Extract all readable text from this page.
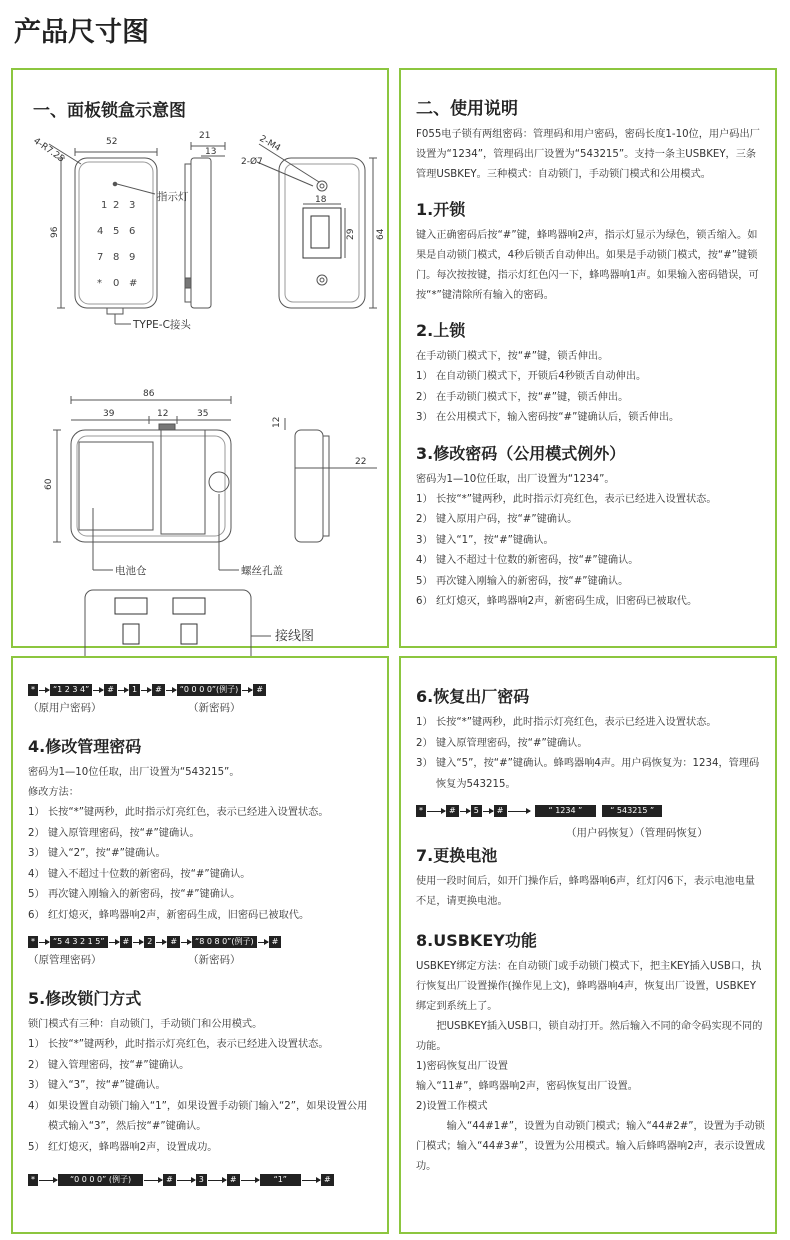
产品尺寸图
一、面板锁盒示意图
52
21
13
4-R7.25
96
2-M4
2-Ø7
18
29 64
86
39	12	35
12
22
60
1 2 3
4 5 6
7 8 9
* 0 #
指示灯
TYPE-C接头
电池仓	螺丝孔盖
接线图
二、使用说明

F055电子锁有两组密码：管理码和用户密码，密码长度1-10位，用户码出厂设置为“1234”，管理码出厂设置为“543215”。支持一条主USBKEY，三条管理USBKEY。三种模式：自动锁门，手动锁门模式和公用模式。

1.开锁

键入正确密码后按“#”键，蜂鸣器响2声，指示灯显示为绿色，锁舌缩入。如果是自动锁门模式，4秒后锁舌自动伸出。如果是手动锁门模式，按“#”键锁门。每次按按键，指示灯红色闪一下，蜂鸣器响1声。如果输入密码错误，可按“*”键清除所有输入的密码。

2.上锁

在手动锁门模式下，按“#”键，锁舌伸出。

1） 在自动锁门模式下，开锁后4秒锁舌自动伸出。
2） 在手动锁门模式下，按“#”键，锁舌伸出。
3） 在公用模式下，输入密码按“#”键确认后，锁舌伸出。
3.修改密码（公用模式例外）

密码为1—10位任取，出厂设置为“1234”。

1） 长按“*”键两秒，此时指示灯亮红色，表示已经进入设置状态。
2） 键入原用户码，按“#”键确认。
3） 键入“1”，按“#”键确认。
4） 键入不超过十位数的新密码，按“#”键确认。
5） 再次键入刚输入的新密码，按“#”键确认。
6） 红灯熄灭，蜂鸣器响2声，新密码生成，旧密码已被取代。
*	“1 2 3 4”	#	1	#	“0 0 0 0”(例子)	#
（原用户密码）	（新密码）
4.修改管理密码

密码为1—10位任取，出厂设置为“543215”。

修改方法：

1） 长按“*”键两秒，此时指示灯亮红色，表示已经进入设置状态。
2） 键入原管理密码，按“#”键确认。
3） 键入“2”，按“#”键确认。
4） 键入不超过十位数的新密码，按“#”键确认。
5） 再次键入刚输入的新密码，按“#”键确认。
6） 红灯熄灭，蜂鸣器响2声，新密码生成，旧密码已被取代。
*	“5 4 3 2 1 5”	#	2	#	“8 0 8 0”(例子)	#
（原管理密码）	（新密码）
5.修改锁门方式

锁门模式有三种：自动锁门，手动锁门和公用模式。

1） 长按“*”键两秒，此时指示灯亮红色，表示已经进入设置状态。
2） 键入管理密码，按“#”键确认。
3） 键入“3”，按“#”键确认。
4） 如果设置自动锁门输入“1”，如果设置手动锁门输入“2”，如果设置公用模式输入“3”，然后按“#”键确认。
5） 红灯熄灭，蜂鸣器响2声，设置成功。
*	“0 0 0 0” (例子)	#	3	#	“1”	#
6.恢复出厂密码
1） 长按“*”键两秒，此时指示灯亮红色，表示已经进入设置状态。
2） 键入原管理密码，按“#”键确认。
3） 键入“5”，按“#”键确认。蜂鸣器响4声。用户码恢复为：1234，管理码恢复为543215。
*	#	5	#	“ 1234 ”	“ 543215 ”
（用户码恢复）（管理码恢复）
7.更换电池

使用一段时间后，如开门操作后，蜂鸣器响6声，红灯闪6下，表示电池电量不足，请更换电池。

8.USBKEY功能

USBKEY绑定方法：在自动锁门或手动锁门模式下，把主KEY插入USB口，执行恢复出厂设置操作(操作见上文)，蜂鸣器响4声，恢复出厂设置，USBKEY绑定到系统上了。

把USBKEY插入USB口，锁自动打开。然后输入不同的命令码实现不同的功能。

1)密码恢复出厂设置

输入“11#”，蜂鸣器响2声，密码恢复出厂设置。

2)设置工作模式

输入“44#1#”，设置为自动锁门模式；输入“44#2#”，设置为手动锁门模式；输入“44#3#”，设置为公用模式。输入后蜂鸣器响2声，表示设置成功。
